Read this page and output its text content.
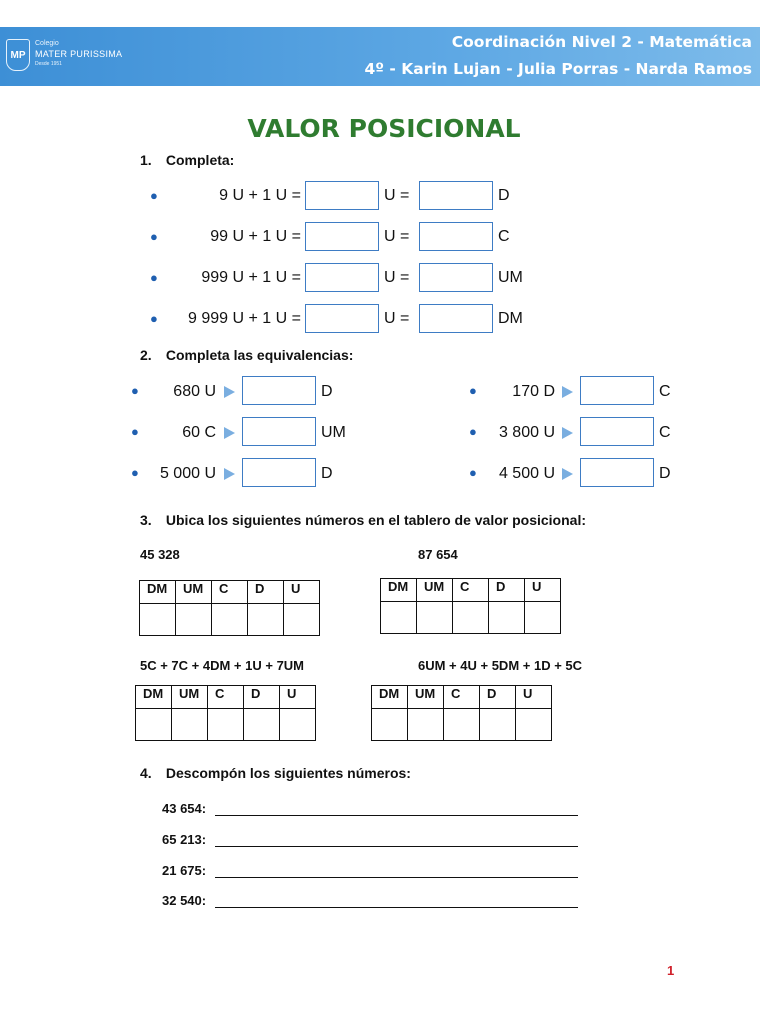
MP
Colegio
MATER PURISSIMA
Desde 1951
Coordinación Nivel 2 - Matemática
4º - Karin Lujan - Julia Porras - Narda Ramos
VALOR POSICIONAL
1. Completa:
●	9 U + 1 U =	U =	D
●	99 U + 1 U =	U =	C
●	999 U + 1 U =	U =	UM
● 9 999 U + 1 U =	U =	DM
2. Completa las equivalencias:
● 680 U	D
●	60 C	UM
● 5 000 U	D
● 170 D	C
● 3 800 U	C
● 4 500 U	D
3. Ubica los siguientes números en el tablero de valor posicional:
45 328
DM	UM	C	D	U

87 654
DM	UM	C	D	U

5C + 7C + 4DM + 1U + 7UM
DM	UM	C	D	U

6UM + 4U + 5DM + 1D + 5C
DM	UM	C	D	U

4. Descompón los siguientes números:
43 654:
65 213:
21 675:
32 540:
1
